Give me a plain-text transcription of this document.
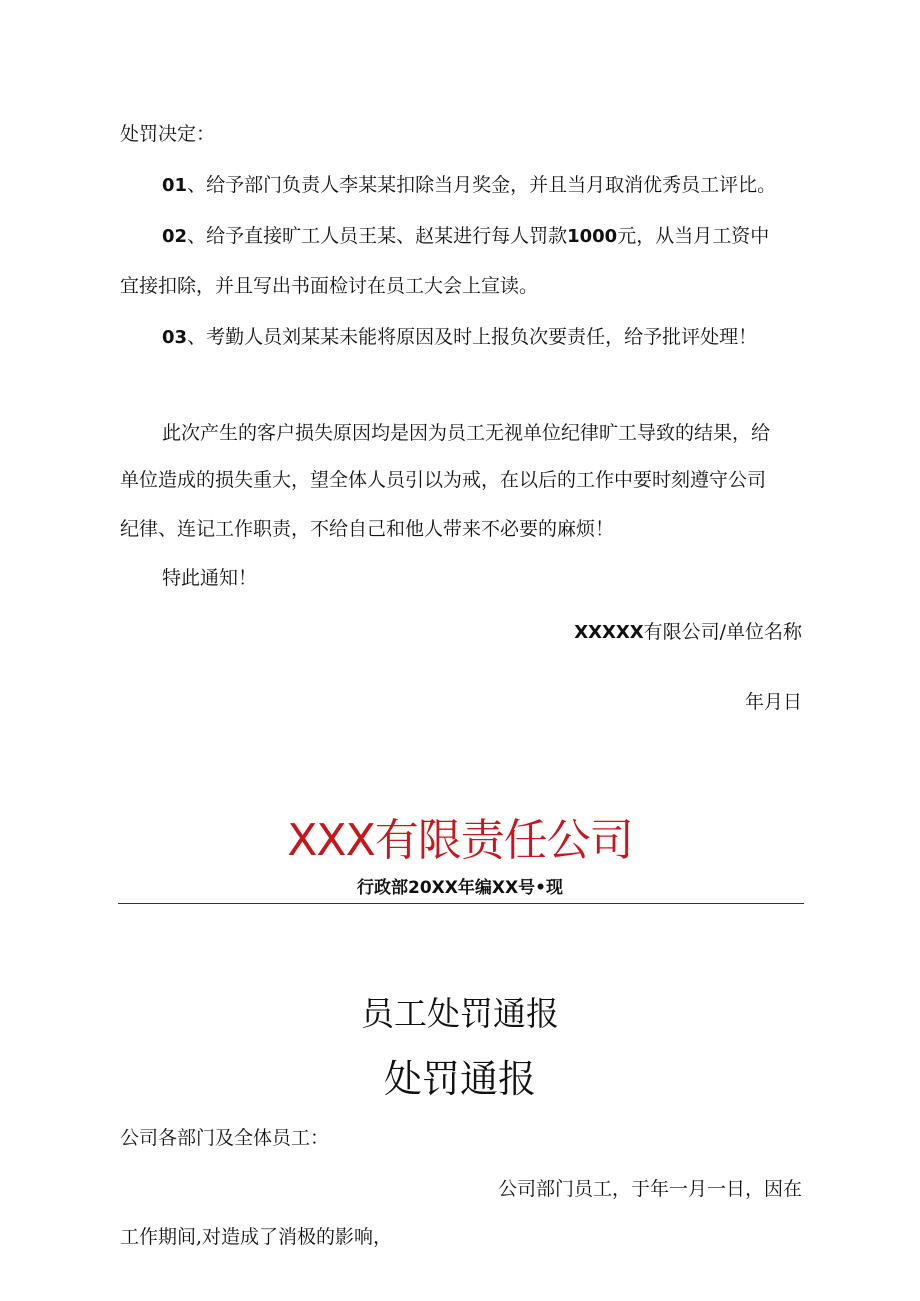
处罚决定：

01、给予部门负责人李某某扣除当月奖金，并且当月取消优秀员工评比。

02、给予直接旷工人员王某、赵某进行每人罚款1000元，从当月工资中

宜接扣除，并且写出书面检讨在员工大会上宣读。

03、考勤人员刘某某未能将原因及时上报负次要责任，给予批评处理！

此次产生的客户损失原因均是因为员工无视单位纪律旷工导致的结果，给

单位造成的损失重大，望全体人员引以为戒，在以后的工作中要时刻遵守公司

纪律、连记工作职责，不给自己和他人带来不必要的麻烦！

特此通知！

XXXXX有限公司/单位名称

年月日

XXX有限责任公司
行政部20XX年编XX号•现
员工处罚通报
处罚通报

公司各部门及全体员工：

公司部门员工，于年一月一日，因在

工作期间,对造成了消极的影响，
